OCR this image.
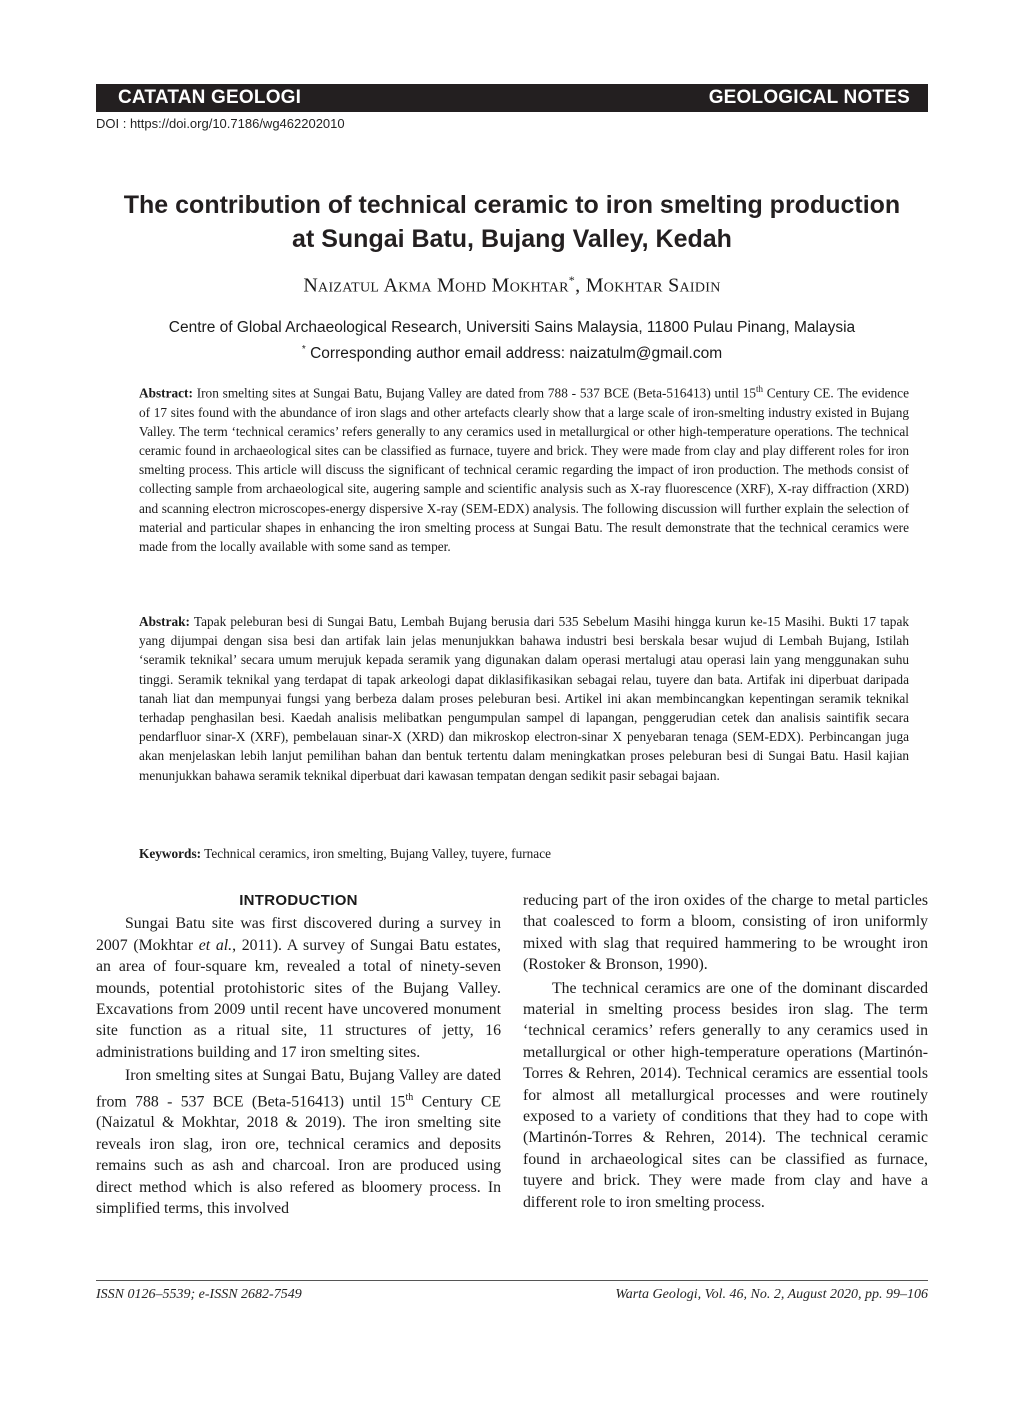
CATATAN GEOLOGI	GEOLOGICAL NOTES
DOI : https://doi.org/10.7186/wg462202010
The contribution of technical ceramic to iron smelting production
at Sungai Batu, Bujang Valley, Kedah
Naizatul Akma Mohd Mokhtar*, Mokhtar Saidin
Centre of Global Archaeological Research, Universiti Sains Malaysia, 11800 Pulau Pinang, Malaysia
* Corresponding author email address: naizatulm@gmail.com
Abstract: Iron smelting sites at Sungai Batu, Bujang Valley are dated from 788 - 537 BCE (Beta-516413) until 15th Century CE. The evidence of 17 sites found with the abundance of iron slags and other artefacts clearly show that a large scale of iron-smelting industry existed in Bujang Valley. The term ‘technical ceramics’ refers generally to any ceramics used in metallurgical or other high-temperature operations. The technical ceramic found in archaeological sites can be classified as furnace, tuyere and brick. They were made from clay and play different roles for iron smelting process. This article will discuss the significant of technical ceramic regarding the impact of iron production. The methods consist of collecting sample from archaeological site, augering sample and scientific analysis such as X-ray fluorescence (XRF), X-ray diffraction (XRD) and scanning electron microscopes-energy dispersive X-ray (SEM-EDX) analysis. The following discussion will further explain the selection of material and particular shapes in enhancing the iron smelting process at Sungai Batu. The result demonstrate that the technical ceramics were made from the locally available with some sand as temper.
Abstrak: Tapak peleburan besi di Sungai Batu, Lembah Bujang berusia dari 535 Sebelum Masihi hingga kurun ke-15 Masihi. Bukti 17 tapak yang dijumpai dengan sisa besi dan artifak lain jelas menunjukkan bahawa industri besi berskala besar wujud di Lembah Bujang, Istilah ‘seramik teknikal’ secara umum merujuk kepada seramik yang digunakan dalam operasi mertalugi atau operasi lain yang menggunakan suhu tinggi. Seramik teknikal yang terdapat di tapak arkeologi dapat diklasifikasikan sebagai relau, tuyere dan bata. Artifak ini diperbuat daripada tanah liat dan mempunyai fungsi yang berbeza dalam proses peleburan besi. Artikel ini akan membincangkan kepentingan seramik teknikal terhadap penghasilan besi. Kaedah analisis melibatkan pengumpulan sampel di lapangan, penggerudian cetek dan analisis saintifik secara pendarfluor sinar-X (XRF), pembelauan sinar-X (XRD) dan mikroskop electron-sinar X penyebaran tenaga (SEM-EDX). Perbincangan juga akan menjelaskan lebih lanjut pemilihan bahan dan bentuk tertentu dalam meningkatkan proses peleburan besi di Sungai Batu. Hasil kajian menunjukkan bahawa seramik teknikal diperbuat dari kawasan tempatan dengan sedikit pasir sebagai bajaan.
Keywords: Technical ceramics, iron smelting, Bujang Valley, tuyere, furnace
INTRODUCTION

Sungai Batu site was first discovered during a survey in 2007 (Mokhtar et al., 2011). A survey of Sungai Batu estates, an area of four-square km, revealed a total of ninety-seven mounds, potential protohistoric sites of the Bujang Valley. Excavations from 2009 until recent have uncovered monument site function as a ritual site, 11 structures of jetty, 16 administrations building and 17 iron smelting sites.

Iron smelting sites at Sungai Batu, Bujang Valley are dated from 788 - 537 BCE (Beta-516413) until 15th Century CE (Naizatul & Mokhtar, 2018 & 2019). The iron smelting site reveals iron slag, iron ore, technical ceramics and deposits remains such as ash and charcoal. Iron are produced using direct method which is also refered as bloomery process. In simplified terms, this involved

reducing part of the iron oxides of the charge to metal particles that coalesced to form a bloom, consisting of iron uniformly mixed with slag that required hammering to be wrought iron (Rostoker & Bronson, 1990).

The technical ceramics are one of the dominant discarded material in smelting process besides iron slag. The term ‘technical ceramics’ refers generally to any ceramics used in metallurgical or other high-temperature operations (Martinón-Torres & Rehren, 2014). Technical ceramics are essential tools for almost all metallurgical processes and were routinely exposed to a variety of conditions that they had to cope with (Martinón-Torres & Rehren, 2014). The technical ceramic found in archaeological sites can be classified as furnace, tuyere and brick. They were made from clay and have a different role to iron smelting process.

ISSN 0126–5539; e-ISSN 2682-7549	Warta Geologi, Vol. 46, No. 2, August 2020, pp. 99–106
